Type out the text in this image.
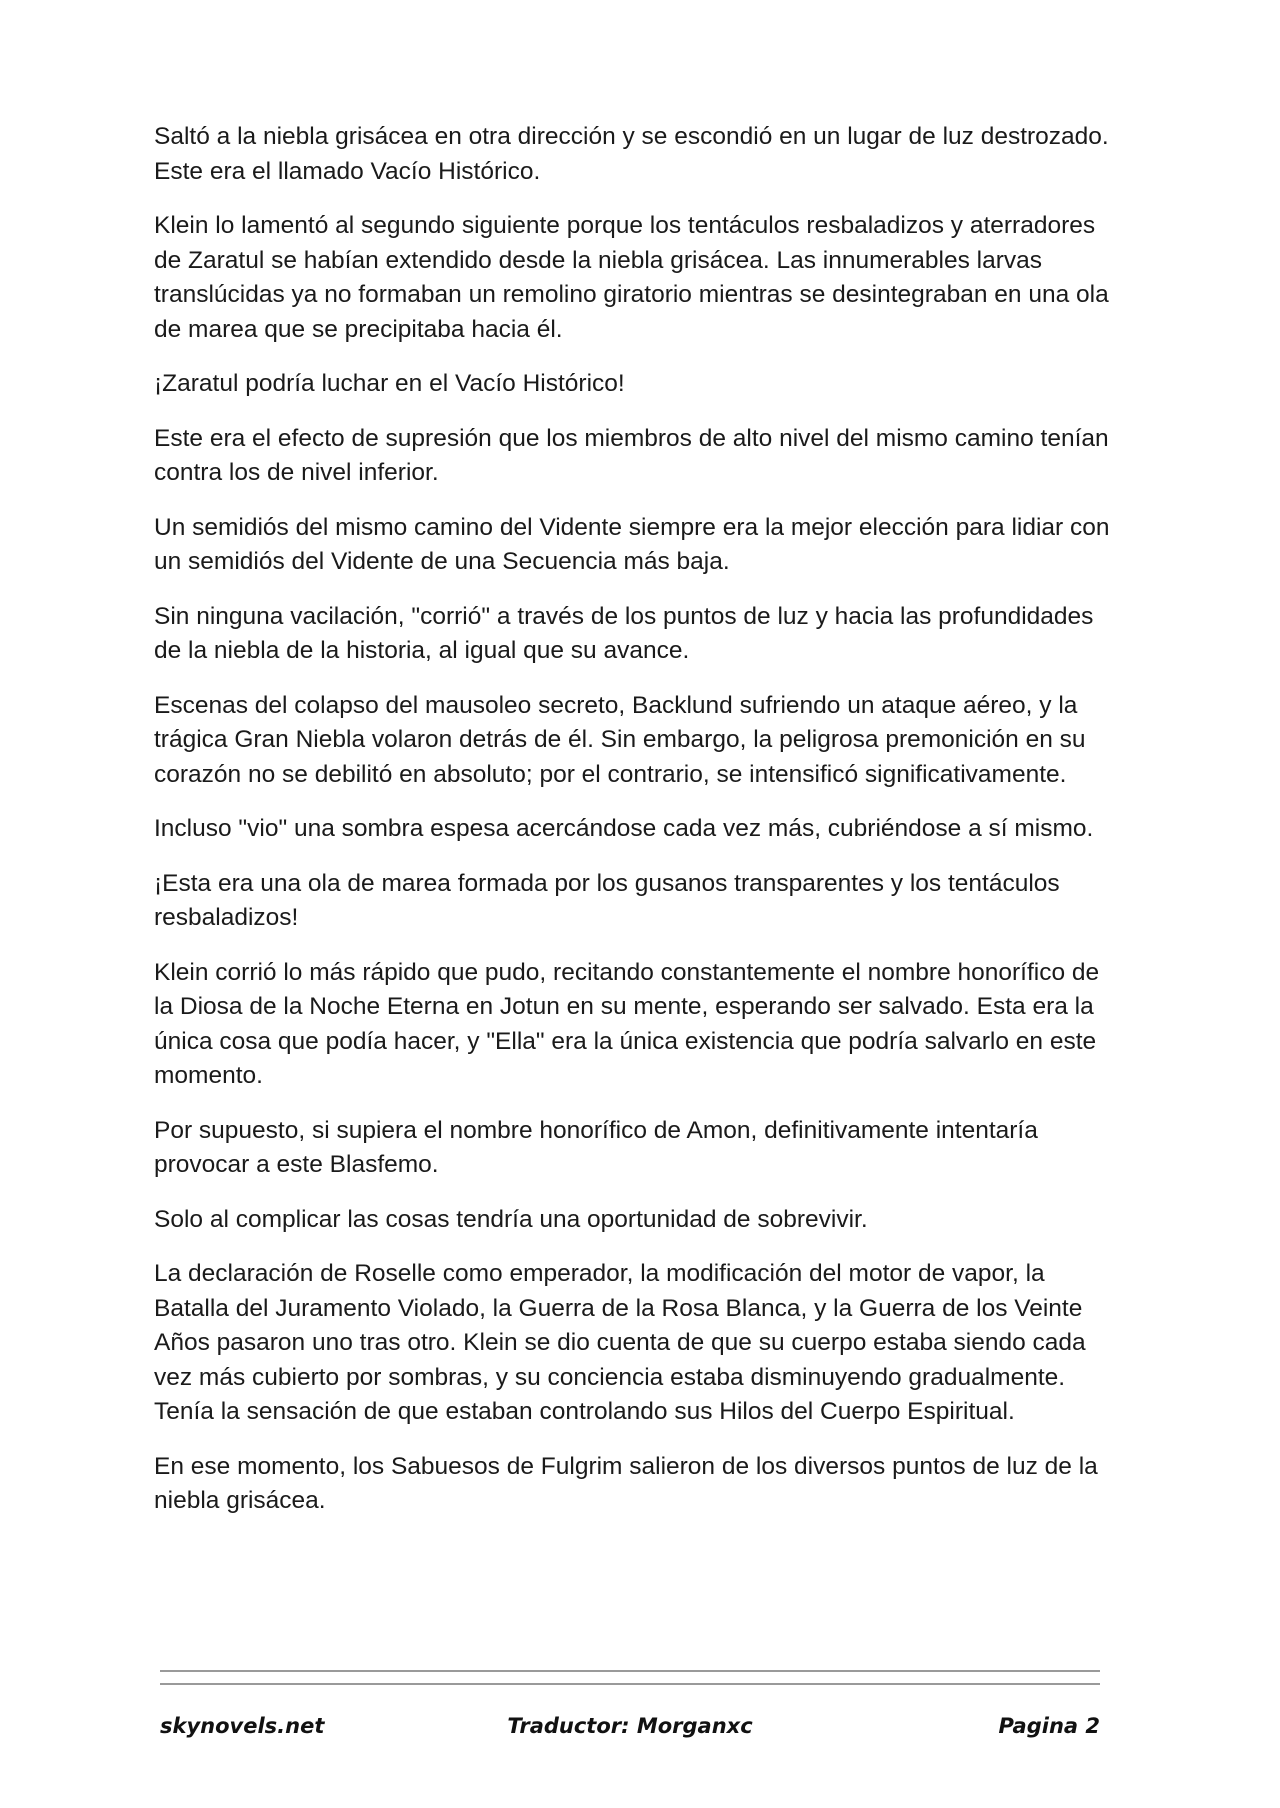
Saltó a la niebla grisácea en otra dirección y se escondió en un lugar de luz destrozado. Este era el llamado Vacío Histórico.

Klein lo lamentó al segundo siguiente porque los tentáculos resbaladizos y aterradores de Zaratul se habían extendido desde la niebla grisácea. Las innumerables larvas translúcidas ya no formaban un remolino giratorio mientras se desintegraban en una ola de marea que se precipitaba hacia él.

¡Zaratul podría luchar en el Vacío Histórico!

Este era el efecto de supresión que los miembros de alto nivel del mismo camino tenían contra los de nivel inferior.

Un semidiós del mismo camino del Vidente siempre era la mejor elección para lidiar con un semidiós del Vidente de una Secuencia más baja.

Sin ninguna vacilación, "corrió" a través de los puntos de luz y hacia las profundidades de la niebla de la historia, al igual que su avance.

Escenas del colapso del mausoleo secreto, Backlund sufriendo un ataque aéreo, y la trágica Gran Niebla volaron detrás de él. Sin embargo, la peligrosa premonición en su corazón no se debilitó en absoluto; por el contrario, se intensificó significativamente.

Incluso "vio" una sombra espesa acercándose cada vez más, cubriéndose a sí mismo.

¡Esta era una ola de marea formada por los gusanos transparentes y los tentáculos resbaladizos!

Klein corrió lo más rápido que pudo, recitando constantemente el nombre honorífico de la Diosa de la Noche Eterna en Jotun en su mente, esperando ser salvado. Esta era la única cosa que podía hacer, y "Ella" era la única existencia que podría salvarlo en este momento.

Por supuesto, si supiera el nombre honorífico de Amon, definitivamente intentaría provocar a este Blasfemo.

Solo al complicar las cosas tendría una oportunidad de sobrevivir.

La declaración de Roselle como emperador, la modificación del motor de vapor, la Batalla del Juramento Violado, la Guerra de la Rosa Blanca, y la Guerra de los Veinte Años pasaron uno tras otro. Klein se dio cuenta de que su cuerpo estaba siendo cada vez más cubierto por sombras, y su conciencia estaba disminuyendo gradualmente. Tenía la sensación de que estaban controlando sus Hilos del Cuerpo Espiritual.

En ese momento, los Sabuesos de Fulgrim salieron de los diversos puntos de luz de la niebla grisácea.

skynovels.net	Traductor: Morganxc	Pagina 2
